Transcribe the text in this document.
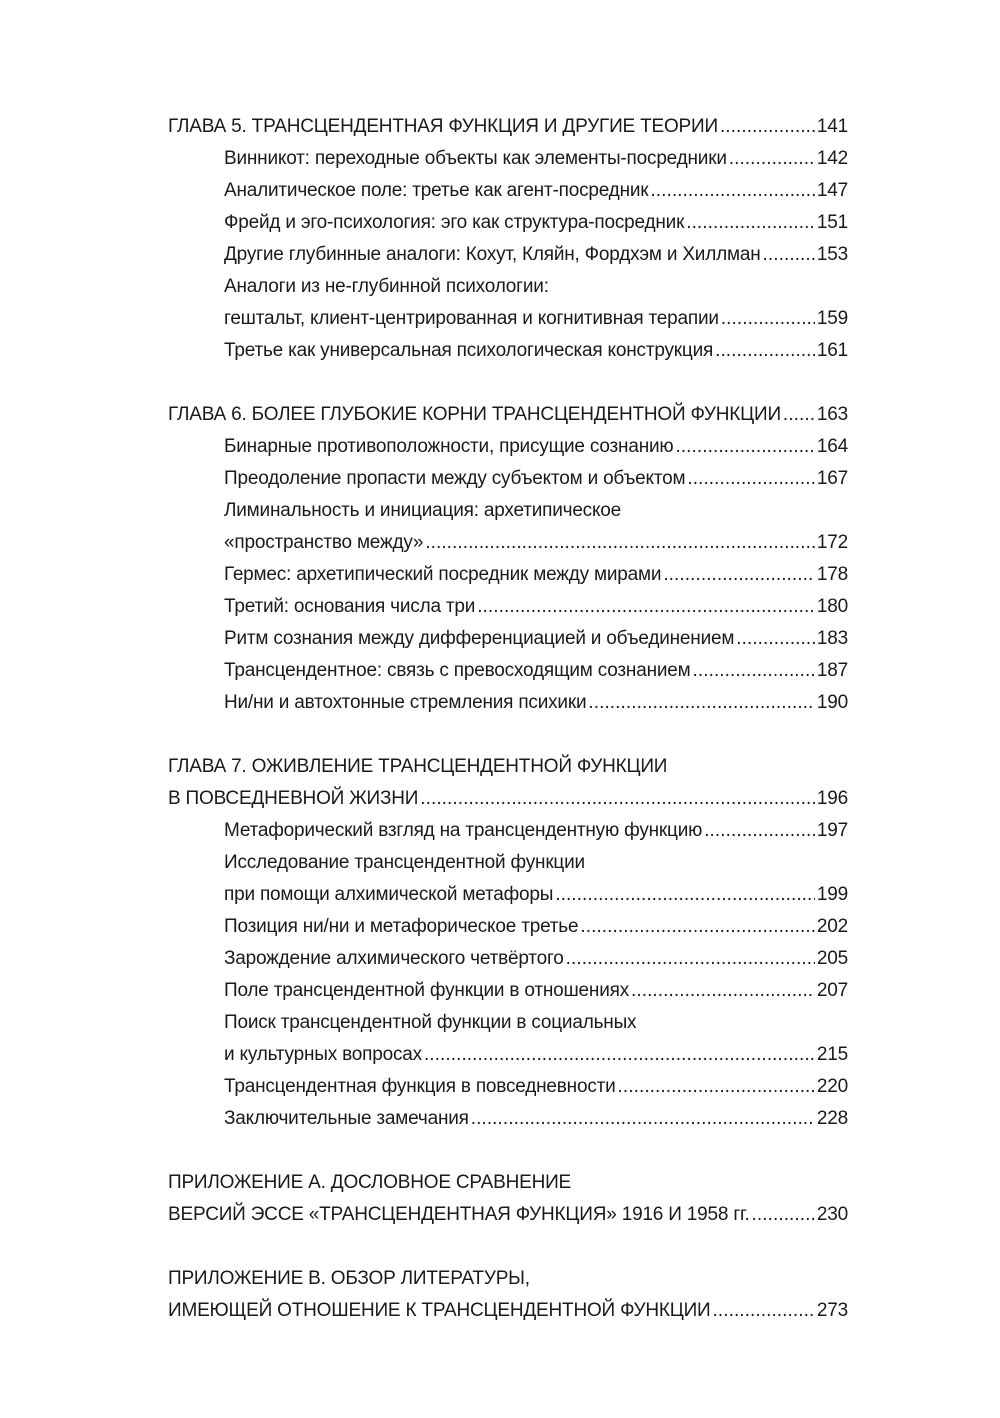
ГЛАВА 5. ТРАНСЦЕНДЕНТНАЯ ФУНКЦИЯ И ДРУГИЕ ТЕОРИИ . . .	141
Винникот: переходные объекты как элементы-посредники . . .	142
Аналитическое поле: третье как агент-посредник . . .	147
Фрейд и эго-психология: эго как структура-посредник . . .	151
Другие глубинные аналоги: Кохут, Кляйн, Фордхэм и Хиллман . . .	153
Аналоги из не-глубинной психологии:
гештальт, клиент-центрированная и когнитивная терапии . . .	159
Третье как универсальная психологическая конструкция . . .	161
ГЛАВА 6. БОЛЕЕ ГЛУБОКИЕ КОРНИ ТРАНСЦЕНДЕНТНОЙ ФУНКЦИИ . . . 163
Бинарные противоположности, присущие сознанию . . .	164
Преодоление пропасти между субъектом и объектом . . .	167
Лиминальность и инициация: архетипическое
«пространство между» . . .	172
Гермес: архетипический посредник между мирами . . .	178
Третий: основания числа три . . .	180
Ритм сознания между дифференциацией и объединением . . .	183
Трансцендентное: связь с превосходящим сознанием . . .	187
Ни/ни и автохтонные стремления психики . . .	190
ГЛАВА 7. ОЖИВЛЕНИЕ ТРАНСЦЕНДЕНТНОЙ ФУНКЦИИ
В ПОВСЕДНЕВНОЙ ЖИЗНИ . . .	196
Метафорический взгляд на трансцендентную функцию . . .	197
Исследование трансцендентной функции
при помощи алхимической метафоры . . .	199
Позиция ни/ни и метафорическое третье . . .	202
Зарождение алхимического четвёртого . . .	205
Поле трансцендентной функции в отношениях . . .	207
Поиск трансцендентной функции в социальных
и культурных вопросах . . .	215
Трансцендентная функция в повседневности . . .	220
Заключительные замечания . . .	228
ПРИЛОЖЕНИЕ А. ДОСЛОВНОЕ СРАВНЕНИЕ
ВЕРСИЙ ЭССЕ «ТРАНСЦЕНДЕНТНАЯ ФУНКЦИЯ» 1916 И 1958 гг. . . .	230
ПРИЛОЖЕНИЕ В. ОБЗОР ЛИТЕРАТУРЫ,
ИМЕЮЩЕЙ ОТНОШЕНИЕ К ТРАНСЦЕНДЕНТНОЙ ФУНКЦИИ . . .	273
